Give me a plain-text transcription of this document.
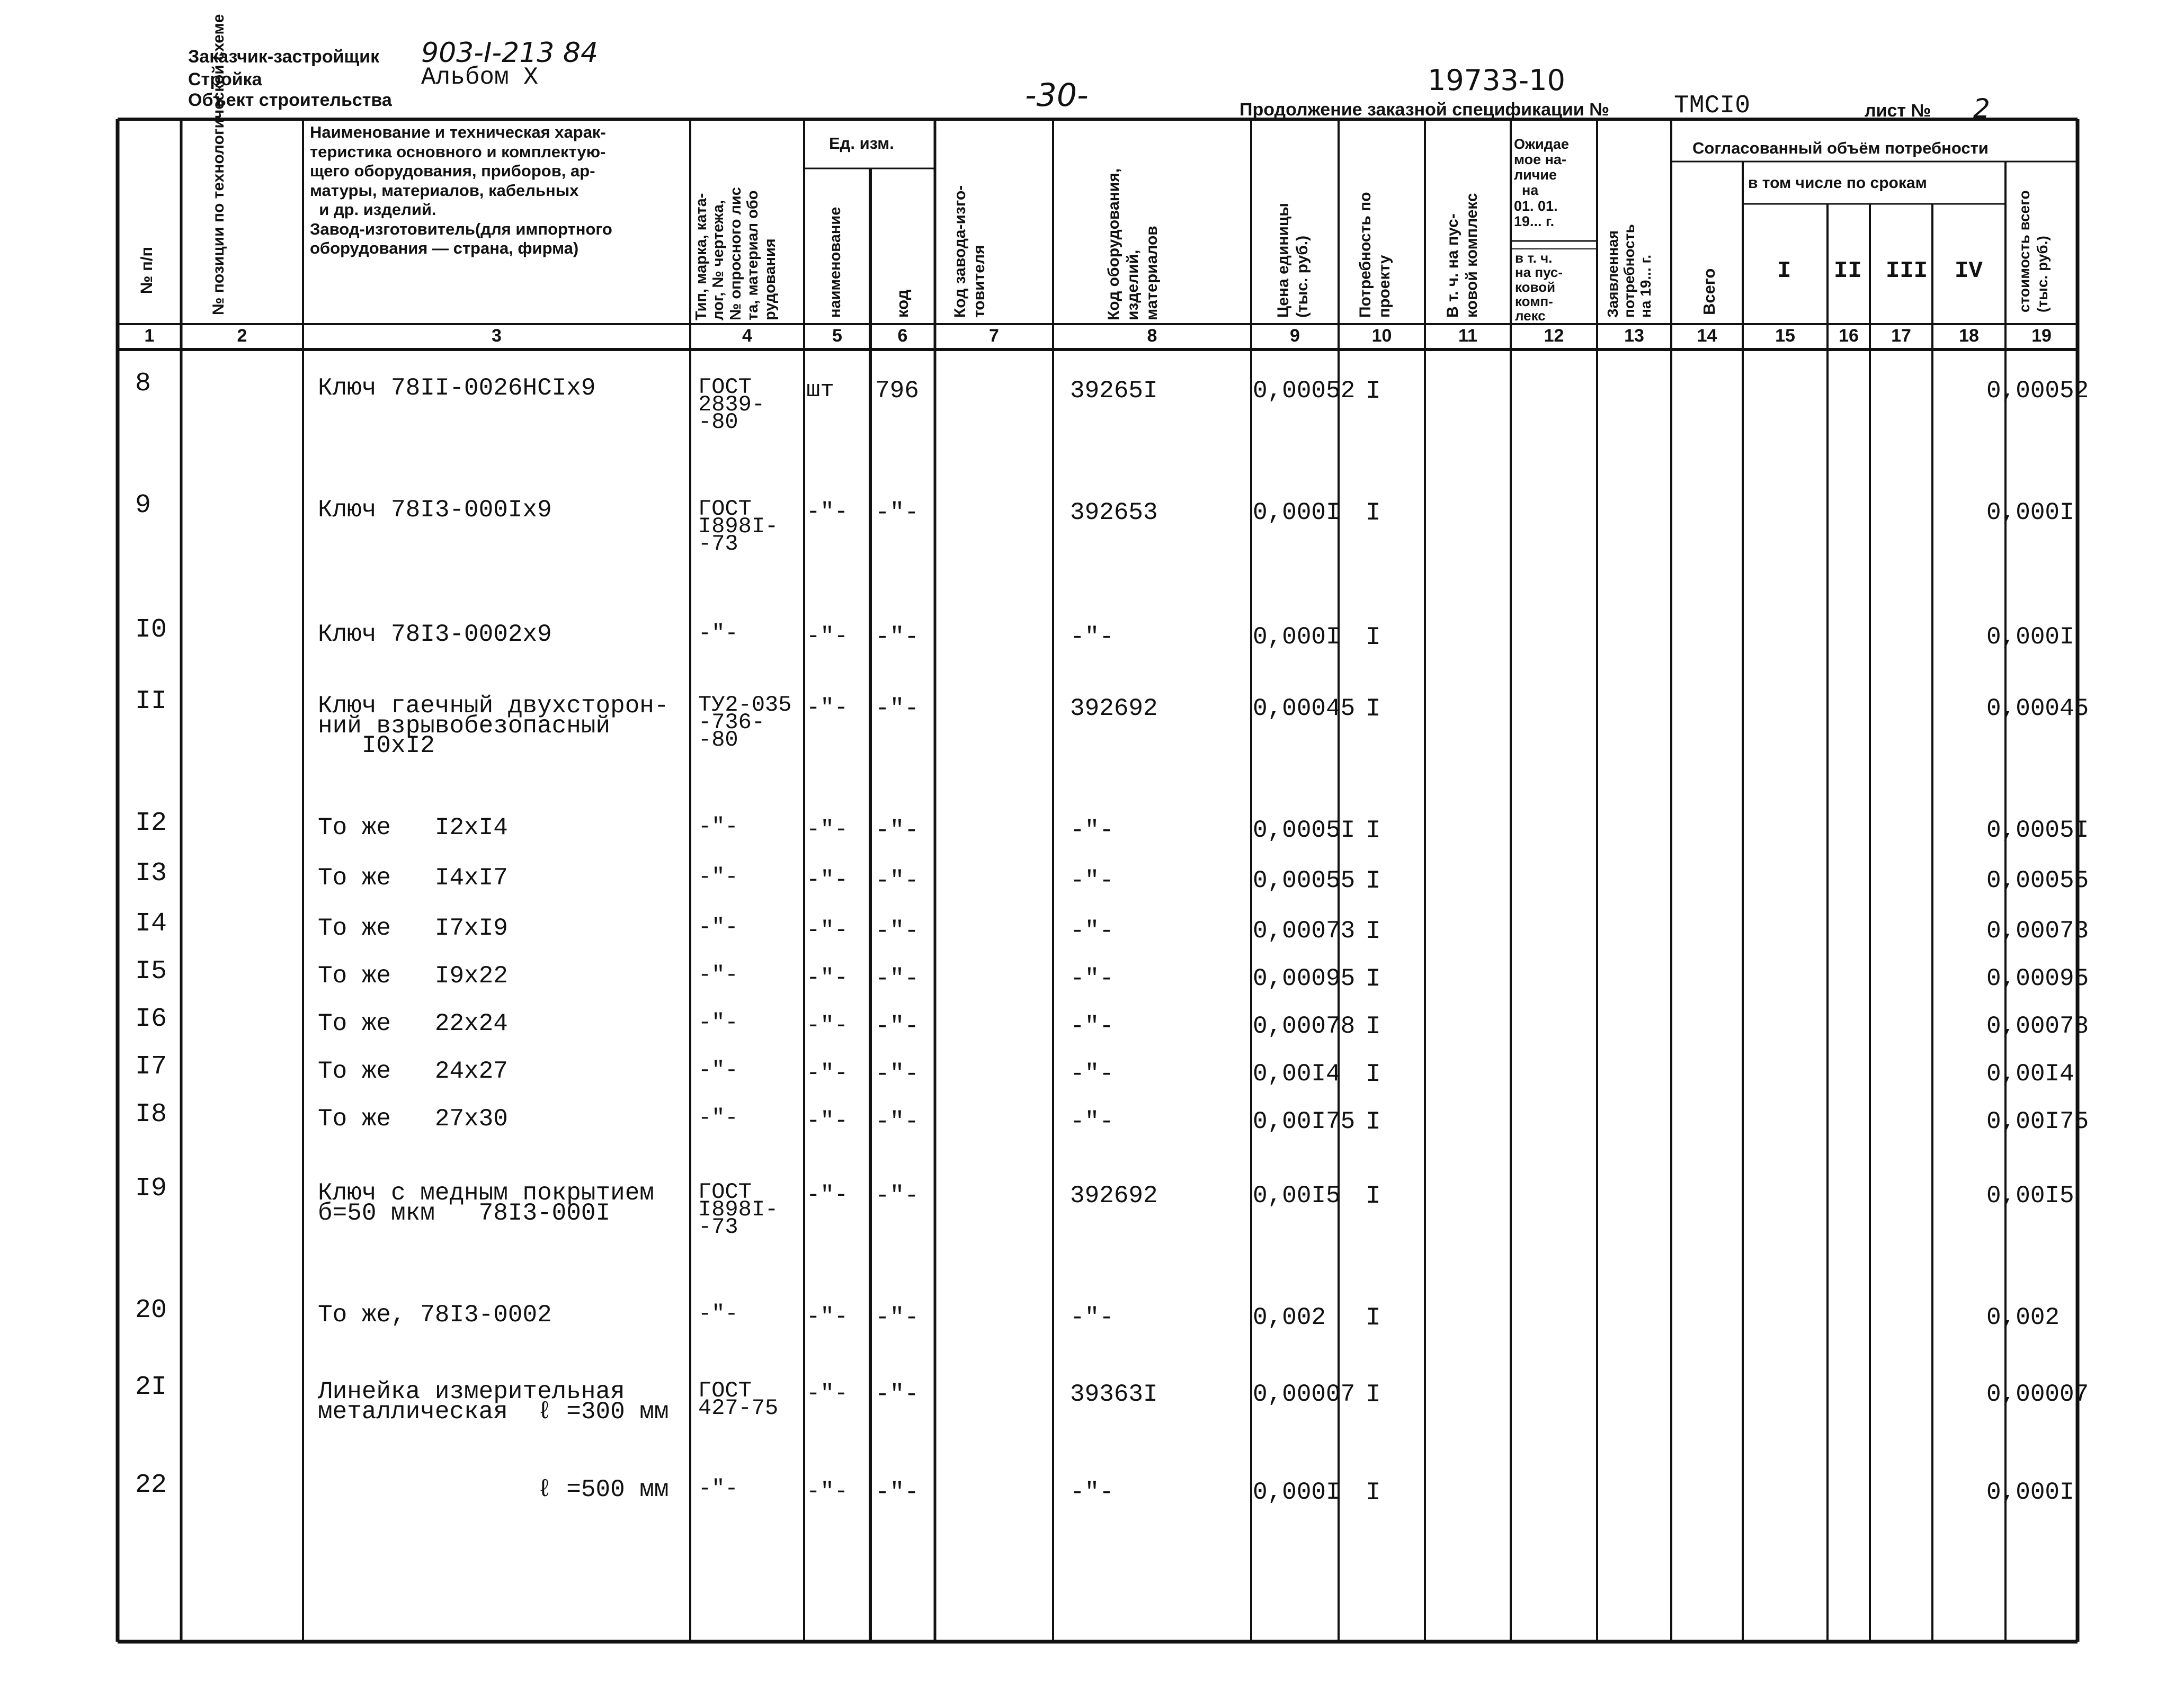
Заказчик-застройщик 903-I-213 84
Стройка	Альбом X
Объект строительства	-30-	19733-10
Продолжение заказной спецификации №	ТМСI0	лист № 2
№ п/п	№ позиции по технологической схеме	Наименование и техническая харак-
теристика основного и комплектую-
щего оборудования, приборов, ар-
матуры, материалов, кабельных
и др. изделий.
Завод-изготовитель(для импортного
оборудования — страна, фирма)
Тип, марка, ката-
лог, № чертежа,
№ опросного лис
та, материал обо
рудования
Ед. изм.
наименование	код	Код завода-изго-
товителя	Код оборудования,
изделий,
материалов	Цена единицы
(тыс. руб.)	Потребность по
проекту	В т. ч. на пус-
ковой комплекс
Ожидае
мое на-
личие
на
01. 01.
19... г.
в т. ч.
на пус-
ковой
комп-
лекс	Заявленная
потребность
на 19... г.
Согласованный объём потребности
Всего
в том числе по срокам
I II III IV стоимость всего
(тыс. руб.)
1	2	3	4	5	6	7	8	9	10	11	12	13	14	15	16	17	18	19
8	Ключ 78II-0026НСIх9	ГОСТ
2839-
-80
шт 796	39265I	0,00052 I	0,00052
9	Ключ 78I3-000Iх9	ГОСТ
I898I-
-73
-"- -"-	392653	0,000I I	0,000I
I0	Ключ 78I3-0002х9	-"-	-"- -"-	-"-	0,000I I	0,000I
II	Ключ гаечный двухсторон-
ний взрывобезопасный
I0хI2
ТУ2-035
-736-
-80
-"- -"-	392692	0,00045 I	0,00045
I2	То же   I2хI4	-"-	-"- -"-	-"-	0,0005I I	0,0005I
I3	То же   I4хI7	-"-	-"- -"-	-"-	0,00055 I	0,00055
I4	То же   I7хI9	-"-	-"- -"-	-"-	0,00073 I	0,00073
I5	То же   I9х22	-"-	-"- -"-	-"-	0,00095 I	0,00095
I6	То же   22х24	-"-	-"- -"-	-"-	0,00078 I	0,00078
I7	То же   24х27	-"-	-"- -"-	-"-	0,00I4 I	0,00I4
I8	То же   27х30	-"-	-"- -"-	-"-	0,00I75 I	0,00I75
I9	Ключ с медным покрытием
б=50 мкм   78I3-000I
ГОСТ
I898I-
-73
-"- -"-	392692	0,00I5 I	0,00I5
20	То же, 78I3-0002	-"-	-"- -"-	-"-	0,002 I	0,002
2I	Линейка измерительная
металлическая  ℓ =300 мм
ГОСТ
427-75
-"- -"-	39363I	0,00007 I	0,00007
22	ℓ =500 мм -"-	-"- -"-	-"-	0,000I I	0,000I
